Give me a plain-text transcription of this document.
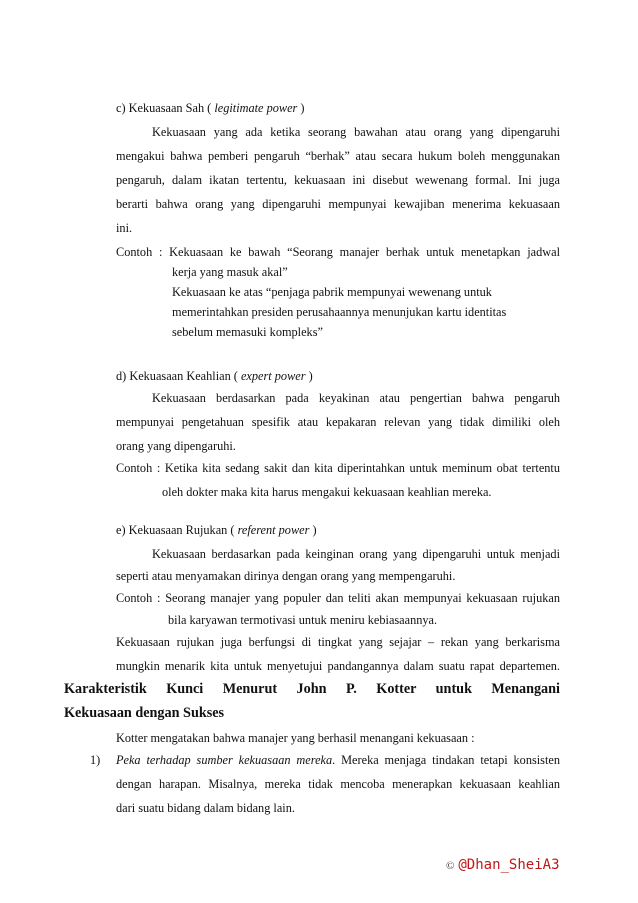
c) Kekuasaan Sah ( legitimate power )
Kekuasaan yang ada ketika seorang bawahan atau orang yang dipengaruhi
mengakui bahwa pemberi pengaruh “berhak” atau secara hukum boleh menggunakan
pengaruh, dalam ikatan tertentu, kekuasaan ini disebut wewenang formal. Ini juga
berarti bahwa orang yang dipengaruhi mempunyai kewajiban menerima kekuasaan
ini.
Contoh : Kekuasaan ke bawah “Seorang manajer berhak untuk menetapkan jadwal
kerja yang masuk akal”
Kekuasaan ke atas “penjaga pabrik mempunyai wewenang untuk
memerintahkan presiden perusahaannya menunjukan kartu identitas
sebelum memasuki kompleks”
d) Kekuasaan Keahlian ( expert power )
Kekuasaan berdasarkan pada keyakinan atau pengertian bahwa pengaruh
mempunyai pengetahuan spesifik atau kepakaran relevan yang tidak dimiliki oleh
orang yang dipengaruhi.
Contoh : Ketika kita sedang sakit dan kita diperintahkan untuk meminum obat tertentu
oleh dokter maka kita harus mengakui kekuasaan keahlian mereka.
e) Kekuasaan Rujukan ( referent power )
Kekuasaan berdasarkan pada keinginan orang yang dipengaruhi untuk menjadi
seperti atau menyamakan dirinya dengan orang yang mempengaruhi.
Contoh : Seorang manajer yang populer dan teliti akan mempunyai kekuasaan rujukan
bila karyawan termotivasi untuk meniru kebiasaannya.
Kekuasaan rujukan juga berfungsi di tingkat yang sejajar – rekan yang berkarisma
mungkin menarik kita untuk menyetujui pandangannya dalam suatu rapat departemen.
Karakteristik Kunci Menurut John P. Kotter untuk Menangani
Kekuasaan dengan Sukses
Kotter mengatakan bahwa manajer yang berhasil menangani kekuasaan :
1) Peka terhadap sumber kekuasaan mereka. Mereka menjaga tindakan tetapi konsisten
dengan harapan. Misalnya, mereka tidak mencoba menerapkan kekuasaan keahlian
dari suatu bidang dalam bidang lain.
© @Dhan_SheiA3
